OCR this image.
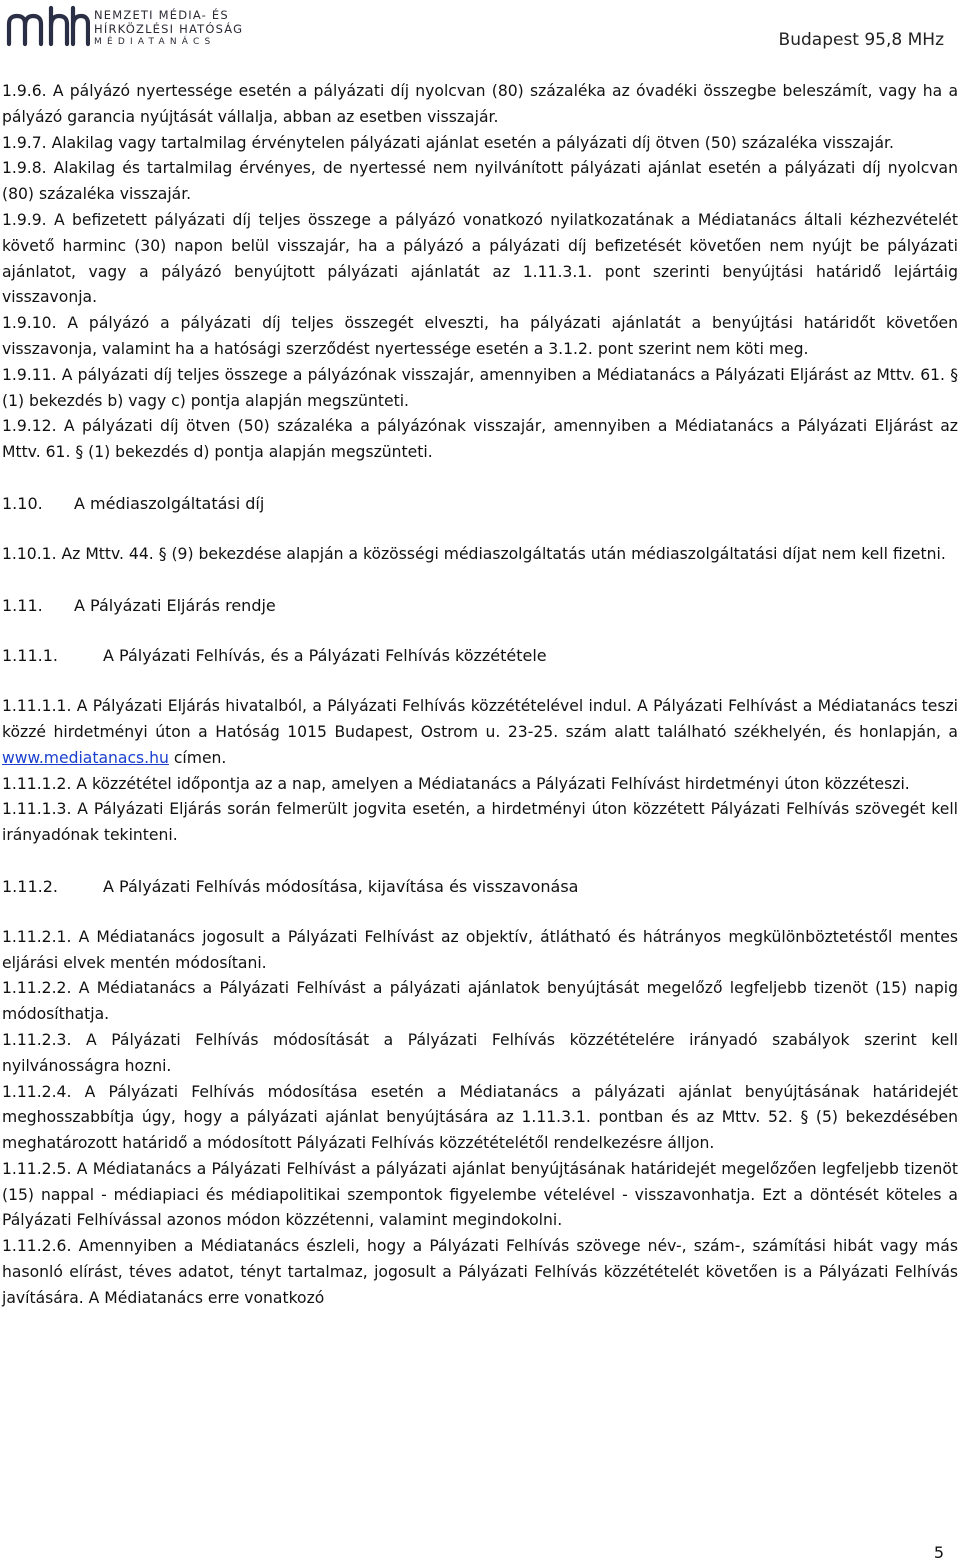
NEMZETI MÉDIA- ÉS
HÍRKÖZLÉSI HATÓSÁG
MÉDIATANÁCS	Budapest 95,8 MHz

1.9.6. A pályázó nyertessége esetén a pályázati díj nyolcvan (80) százaléka az óvadéki összegbe beleszámít, vagy ha a pályázó garancia nyújtását vállalja, abban az esetben visszajár.

1.9.7. Alakilag vagy tartalmilag érvénytelen pályázati ajánlat esetén a pályázati díj ötven (50) százaléka visszajár.

1.9.8. Alakilag és tartalmilag érvényes, de nyertessé nem nyilvánított pályázati ajánlat esetén a pályázati díj nyolcvan (80) százaléka visszajár.

1.9.9. A befizetett pályázati díj teljes összege a pályázó vonatkozó nyilatkozatának a Médiatanács általi kézhezvételét követő harminc (30) napon belül visszajár, ha a pályázó a pályázati díj befizetését követően nem nyújt be pályázati ajánlatot, vagy a pályázó benyújtott pályázati ajánlatát az 1.11.3.1. pont szerinti benyújtási határidő lejártáig visszavonja.

1.9.10. A pályázó a pályázati díj teljes összegét elveszti, ha pályázati ajánlatát a benyújtási határidőt követően visszavonja, valamint ha a hatósági szerződést nyertessége esetén a 3.1.2. pont szerint nem köti meg.

1.9.11. A pályázati díj teljes összege a pályázónak visszajár, amennyiben a Médiatanács a Pályázati Eljárást az Mttv. 61. § (1) bekezdés b) vagy c) pontja alapján megszünteti.

1.9.12. A pályázati díj ötven (50) százaléka a pályázónak visszajár, amennyiben a Médiatanács a Pályázati Eljárást az Mttv. 61. § (1) bekezdés d) pontja alapján megszünteti.

1.10.	A médiaszolgáltatási díj

1.10.1. Az Mttv. 44. § (9) bekezdése alapján a közösségi médiaszolgáltatás után médiaszolgáltatási díjat nem kell fizetni.

1.11.	A Pályázati Eljárás rendje
1.11.1.	A Pályázati Felhívás, és a Pályázati Felhívás közzététele

1.11.1.1. A Pályázati Eljárás hivatalból, a Pályázati Felhívás közzétételével indul. A Pályázati Felhívást a Médiatanács teszi közzé hirdetményi úton a Hatóság 1015 Budapest, Ostrom u. 23-25. szám alatt található székhelyén, és honlapján, a www.mediatanacs.hu címen.

1.11.1.2. A közzététel időpontja az a nap, amelyen a Médiatanács a Pályázati Felhívást hirdetményi úton közzéteszi.

1.11.1.3. A Pályázati Eljárás során felmerült jogvita esetén, a hirdetményi úton közzétett Pályázati Felhívás szövegét kell irányadónak tekinteni.

1.11.2.	A Pályázati Felhívás módosítása, kijavítása és visszavonása

1.11.2.1. A Médiatanács jogosult a Pályázati Felhívást az objektív, átlátható és hátrányos megkülönböztetéstől mentes eljárási elvek mentén módosítani.

1.11.2.2. A Médiatanács a Pályázati Felhívást a pályázati ajánlatok benyújtását megelőző legfeljebb tizenöt (15) napig módosíthatja.

1.11.2.3. A Pályázati Felhívás módosítását a Pályázati Felhívás közzétételére irányadó szabályok szerint kell nyilvánosságra hozni.

1.11.2.4. A Pályázati Felhívás módosítása esetén a Médiatanács a pályázati ajánlat benyújtásának határidejét meghosszabbítja úgy, hogy a pályázati ajánlat benyújtására az 1.11.3.1. pontban és az Mttv. 52. § (5) bekezdésében meghatározott határidő a módosított Pályázati Felhívás közzétételétől rendelkezésre álljon.

1.11.2.5. A Médiatanács a Pályázati Felhívást a pályázati ajánlat benyújtásának határidejét megelőzően legfeljebb tizenöt (15) nappal - médiapiaci és médiapolitikai szempontok figyelembe vételével - visszavonhatja. Ezt a döntését köteles a Pályázati Felhívással azonos módon közzétenni, valamint megindokolni.

1.11.2.6. Amennyiben a Médiatanács észleli, hogy a Pályázati Felhívás szövege név-, szám-, számítási hibát vagy más hasonló elírást, téves adatot, tényt tartalmaz, jogosult a Pályázati Felhívás közzétételét követően is a Pályázati Felhívás javítására. A Médiatanács erre vonatkozó

5
